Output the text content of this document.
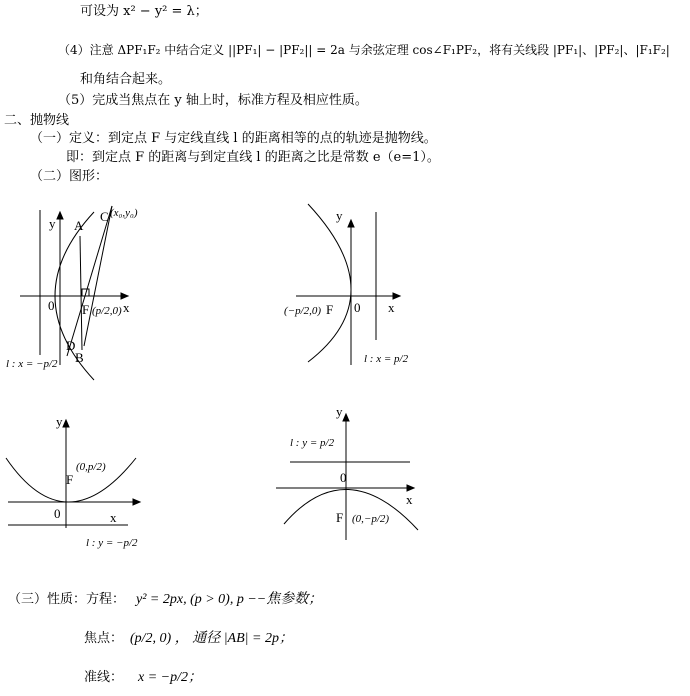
可设为 x² − y² = λ；
（4）注意 ΔPF₁F₂ 中结合定义 ||PF₁| − |PF₂|| = 2a 与余弦定理 cos∠F₁PF₂，将有关线段 |PF₁|、|PF₂|、|F₁F₂|
和角结合起来。
（5）完成当焦点在 y 轴上时，标准方程及相应性质。
二、抛物线
（一）定义：到定点 F 与定线直线 l 的距离相等的点的轨迹是抛物线。
即：到定点 F 的距离与到定直线 l 的距离之比是常数 e（e=1）。
（二）图形：
（三）性质：方程： y² = 2px, (p > 0), p −−焦参数；
焦点： (p/2, 0) ， 通径 |AB| = 2p；
准线： x = −p/2；
y
x
0
A
C (x₀,y₀)
F (p/2,0)
D
B
l : x = −p/2
y
x
0
F
(−p/2,0)
l : x = p/2
y
x
0
F
(0,p/2)
l : y = −p/2
y
x
0
F (0,−p/2)
l : y = p/2
